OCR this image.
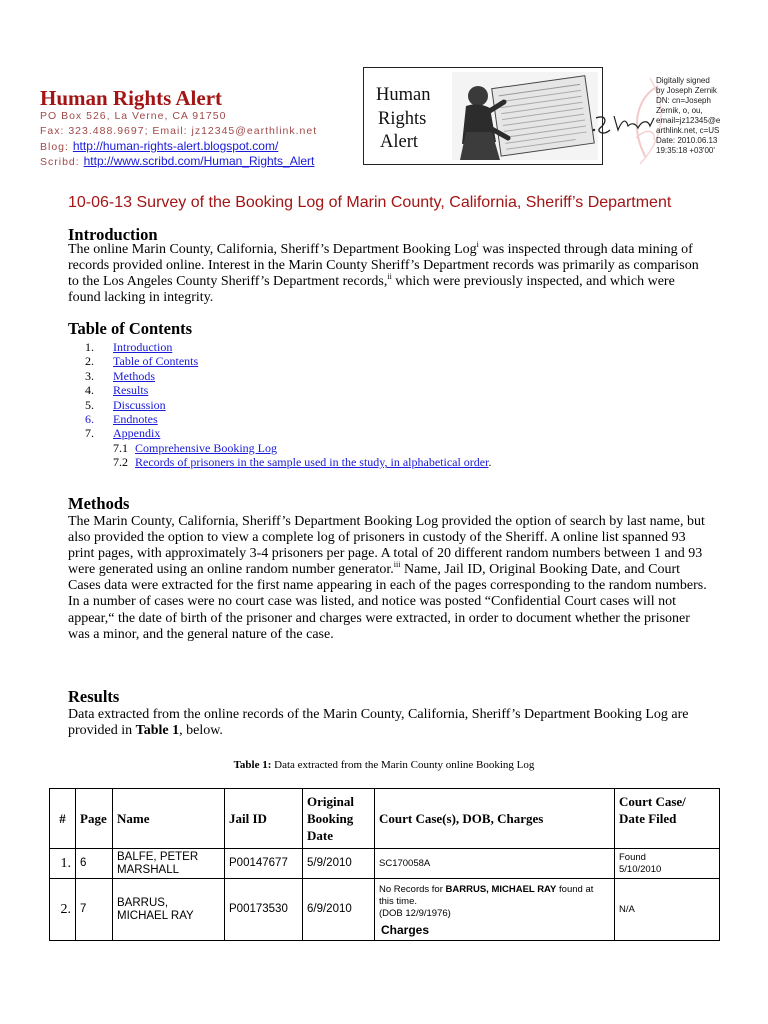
Human Rights Alert
PO Box 526, La Verne, CA 91750
Fax: 323.488.9697; Email: jz12345@earthlink.net
Blog: http://human-rights-alert.blogspot.com/
Scribd: http://www.scribd.com/Human_Rights_Alert
Human
Rights
Alert
Digitally signed
by Joseph Zernik
DN: cn=Joseph
Zernik, o, ou,
email=jz12345@e
arthlink.net, c=US
Date: 2010.06.13
19:35:18 +03'00'
10-06-13 Survey of the Booking Log of Marin County, California, Sheriff’s Department
Introduction
The online Marin County, California, Sheriff’s Department Booking Log$^i$ was inspected through data mining of records provided online. Interest in the Marin County Sheriff’s Department records was primarily as comparison to the Los Angeles County Sheriff’s Department records,$^{ii}$ which were previously inspected, and which were found lacking in integrity.
Table of Contents
1. Introduction
2. Table of Contents
3. Methods
4. Results
5. Discussion
6. Endnotes
7. Appendix
7.1 Comprehensive Booking Log
7.2 Records of prisoners in the sample used in the study, in alphabetical order.
Methods

The Marin County, California, Sheriff’s Department Booking Log provided the option of search by last name, but also provided the option to view a complete log of prisoners in custody of the Sheriff. A online list spanned 93 print pages, with approximately 3-4 prisoners per page. A total of 20 different random numbers between 1 and 93 were generated using an online random number generator.$^{iii}$ Name, Jail ID, Original Booking Date, and Court Cases data were extracted for the first name appearing in each of the pages corresponding to the random numbers.

In a number of cases were no court case was listed, and notice was posted “Confidential Court cases will not appear,“ the date of birth of the prisoner and charges were extracted, in order to document whether the prisoner was a minor, and the general nature of the case.

Results
Data extracted from the online records of the Marin County, California, Sheriff’s Department Booking Log are provided in Table 1, below.
Table 1: Data extracted from the Marin County online Booking Log
#	Page	Name	Jail ID	Original Booking Date	Court Case(s), DOB, Charges	Court Case/ Date Filed
1.	6	BALFE, PETER MARSHALL	P00147677	5/9/2010	SC170058A	Found
5/10/2010

2.	7	BARRUS, MICHAEL RAY	P00173530	6/9/2010	No Records for BARRUS, MICHAEL RAY found at this time.
(DOB 12/9/1976)
Charges	N/A
